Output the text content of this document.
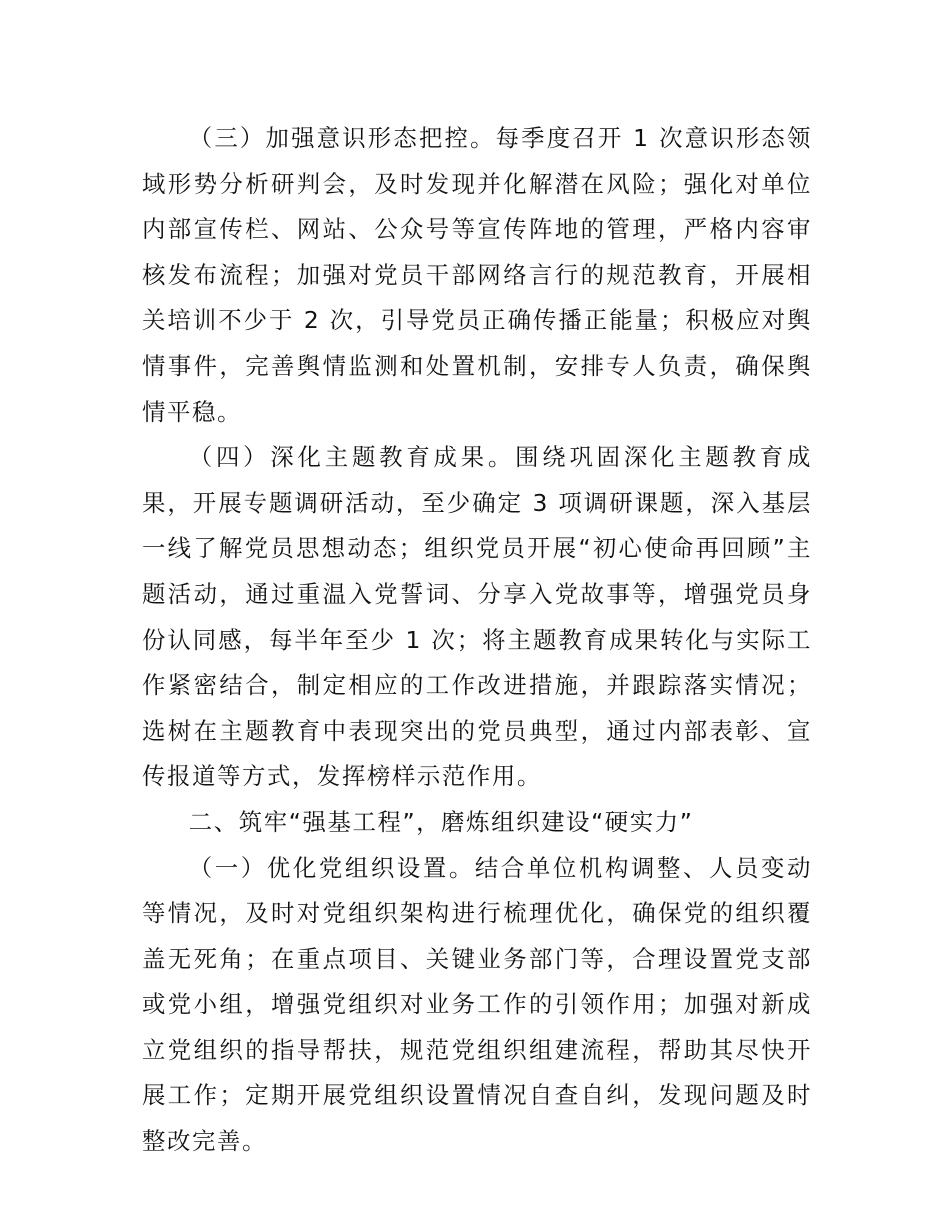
（三）加强意识形态把控。每季度召开 1 次意识形态领域形势分析研判会，及时发现并化解潜在风险；强化对单位内部宣传栏、网站、公众号等宣传阵地的管理，严格内容审核发布流程；加强对党员干部网络言行的规范教育，开展相关培训不少于 2 次，引导党员正确传播正能量；积极应对舆情事件，完善舆情监测和处置机制，安排专人负责，确保舆情平稳。

（四）深化主题教育成果。围绕巩固深化主题教育成果，开展专题调研活动，至少确定 3 项调研课题，深入基层一线了解党员思想动态；组织党员开展“初心使命再回顾”主题活动，通过重温入党誓词、分享入党故事等，增强党员身份认同感，每半年至少 1 次；将主题教育成果转化与实际工作紧密结合，制定相应的工作改进措施，并跟踪落实情况；选树在主题教育中表现突出的党员典型，通过内部表彰、宣传报道等方式，发挥榜样示范作用。

二、筑牢“强基工程”，磨炼组织建设“硬实力”

（一）优化党组织设置。结合单位机构调整、人员变动等情况，及时对党组织架构进行梳理优化，确保党的组织覆盖无死角；在重点项目、关键业务部门等，合理设置党支部或党小组，增强党组织对业务工作的引领作用；加强对新成立党组织的指导帮扶，规范党组织组建流程，帮助其尽快开展工作；定期开展党组织设置情况自查自纠，发现问题及时整改完善。
